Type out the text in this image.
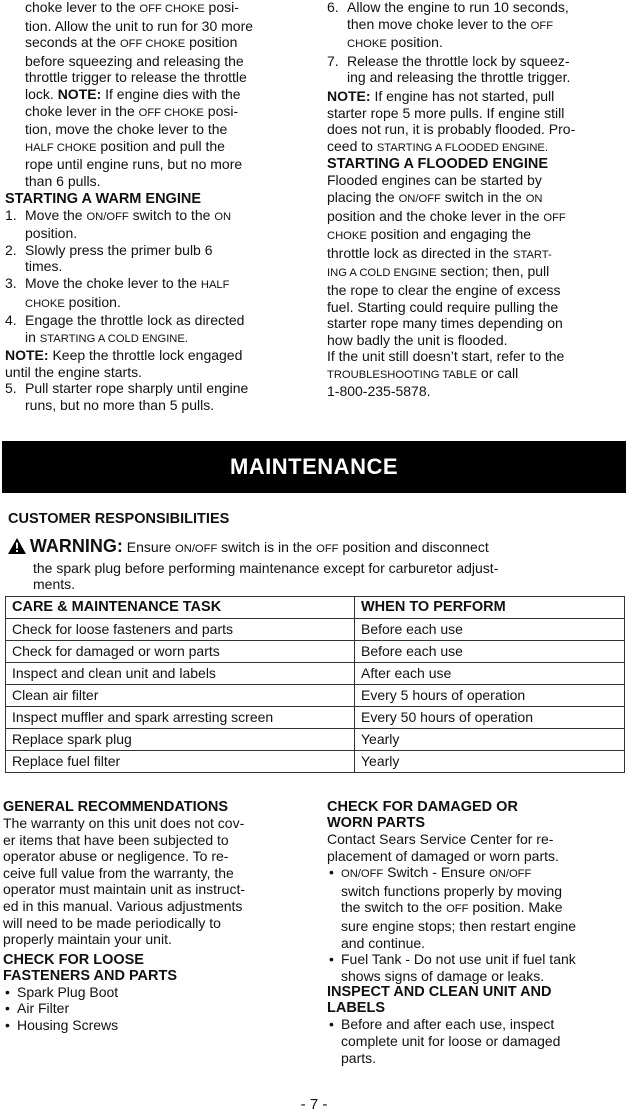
choke lever to the OFF CHOKE posi-

tion. Allow the unit to run for 30 more

seconds at the OFF CHOKE position

before squeezing and releasing the

throttle trigger to release the throttle

lock. NOTE: If engine dies with the

choke lever in the OFF CHOKE posi-

tion, move the choke lever to the

HALF CHOKE position and pull the

rope until engine runs, but no more

than 6 pulls.

STARTING A WARM ENGINE

1. Move the ON/OFF switch to the ON

position.

2. Slowly press the primer bulb 6

times.

3. Move the choke lever to the HALF

CHOKE position.

4. Engage the throttle lock as directed

in STARTING A COLD ENGINE.

NOTE: Keep the throttle lock engaged

until the engine starts.

5. Pull starter rope sharply until engine

runs, but no more than 5 pulls.

6. Allow the engine to run 10 seconds,

then move choke lever to the OFF

CHOKE position.

7. Release the throttle lock by squeez-

ing and releasing the throttle trigger.

NOTE: If engine has not started, pull

starter rope 5 more pulls. If engine still

does not run, it is probably flooded. Pro-

ceed to STARTING A FLOODED ENGINE.

STARTING A FLOODED ENGINE

Flooded engines can be started by

placing the ON/OFF switch in the ON

position and the choke lever in the OFF

CHOKE position and engaging the

throttle lock as directed in the START-

ING A COLD ENGINE section; then, pull

the rope to clear the engine of excess

fuel. Starting could require pulling the

starter rope many times depending on

how badly the unit is flooded.

If the unit still doesn’t start, refer to the

TROUBLESHOOTING TABLE or call

1-800-235-5878.

MAINTENANCE

CUSTOMER RESPONSIBILITIES

WARNING: Ensure ON/OFF switch is in the OFF position and disconnect

the spark plug before performing maintenance except for carburetor adjust-

ments.

CARE & MAINTENANCE TASK	WHEN TO PERFORM
Check for loose fasteners and parts	Before each use
Check for damaged or worn parts	Before each use
Inspect and clean unit and labels	After each use
Clean air filter	Every 5 hours of operation
Inspect muffler and spark arresting screen	Every 50 hours of operation
Replace spark plug	Yearly
Replace fuel filter	Yearly

GENERAL RECOMMENDATIONS

The warranty on this unit does not cov-

er items that have been subjected to

operator abuse or negligence. To re-

ceive full value from the warranty, the

operator must maintain unit as instruct-

ed in this manual. Various adjustments

will need to be made periodically to

properly maintain your unit.

CHECK FOR LOOSE

FASTENERS AND PARTS

• Spark Plug Boot

• Air Filter

• Housing Screws

CHECK FOR DAMAGED OR

WORN PARTS

Contact Sears Service Center for re-

placement of damaged or worn parts.

• ON/OFF Switch - Ensure ON/OFF

switch functions properly by moving

the switch to the OFF position. Make

sure engine stops; then restart engine

and continue.

• Fuel Tank - Do not use unit if fuel tank

shows signs of damage or leaks.

INSPECT AND CLEAN UNIT AND

LABELS

• Before and after each use, inspect

complete unit for loose or damaged

parts.

- 7 -
